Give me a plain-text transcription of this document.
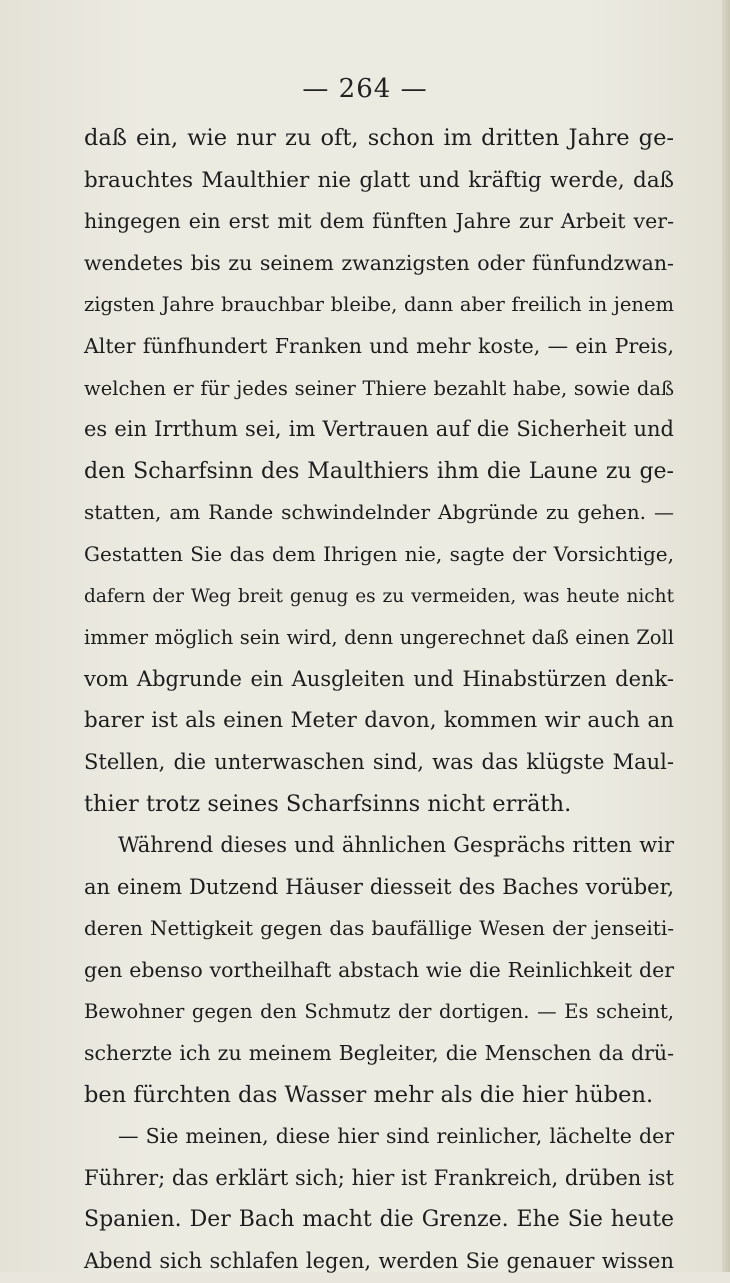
— 264 —
daß ein, wie nur zu oft, schon im dritten Jahre ge-
brauchtes Maulthier nie glatt und kräftig werde, daß
hingegen ein erst mit dem fünften Jahre zur Arbeit ver-
wendetes bis zu seinem zwanzigsten oder fünfundzwan-
zigsten Jahre brauchbar bleibe, dann aber freilich in jenem
Alter fünfhundert Franken und mehr koste, — ein Preis,
welchen er für jedes seiner Thiere bezahlt habe, sowie daß
es ein Irrthum sei, im Vertrauen auf die Sicherheit und
den Scharfsinn des Maulthiers ihm die Laune zu ge-
statten, am Rande schwindelnder Abgründe zu gehen. —
Gestatten Sie das dem Ihrigen nie, sagte der Vorsichtige,
dafern der Weg breit genug es zu vermeiden, was heute nicht
immer möglich sein wird, denn ungerechnet daß einen Zoll
vom Abgrunde ein Ausgleiten und Hinabstürzen denk-
barer ist als einen Meter davon, kommen wir auch an
Stellen, die unterwaschen sind, was das klügste Maul-
thier trotz seines Scharfsinns nicht erräth.
Während dieses und ähnlichen Gesprächs ritten wir
an einem Dutzend Häuser diesseit des Baches vorüber,
deren Nettigkeit gegen das baufällige Wesen der jenseiti-
gen ebenso vortheilhaft abstach wie die Reinlichkeit der
Bewohner gegen den Schmutz der dortigen. — Es scheint,
scherzte ich zu meinem Begleiter, die Menschen da drü-
ben fürchten das Wasser mehr als die hier hüben.
— Sie meinen, diese hier sind reinlicher, lächelte der
Führer; das erklärt sich; hier ist Frankreich, drüben ist
Spanien. Der Bach macht die Grenze. Ehe Sie heute
Abend sich schlafen legen, werden Sie genauer wissen
